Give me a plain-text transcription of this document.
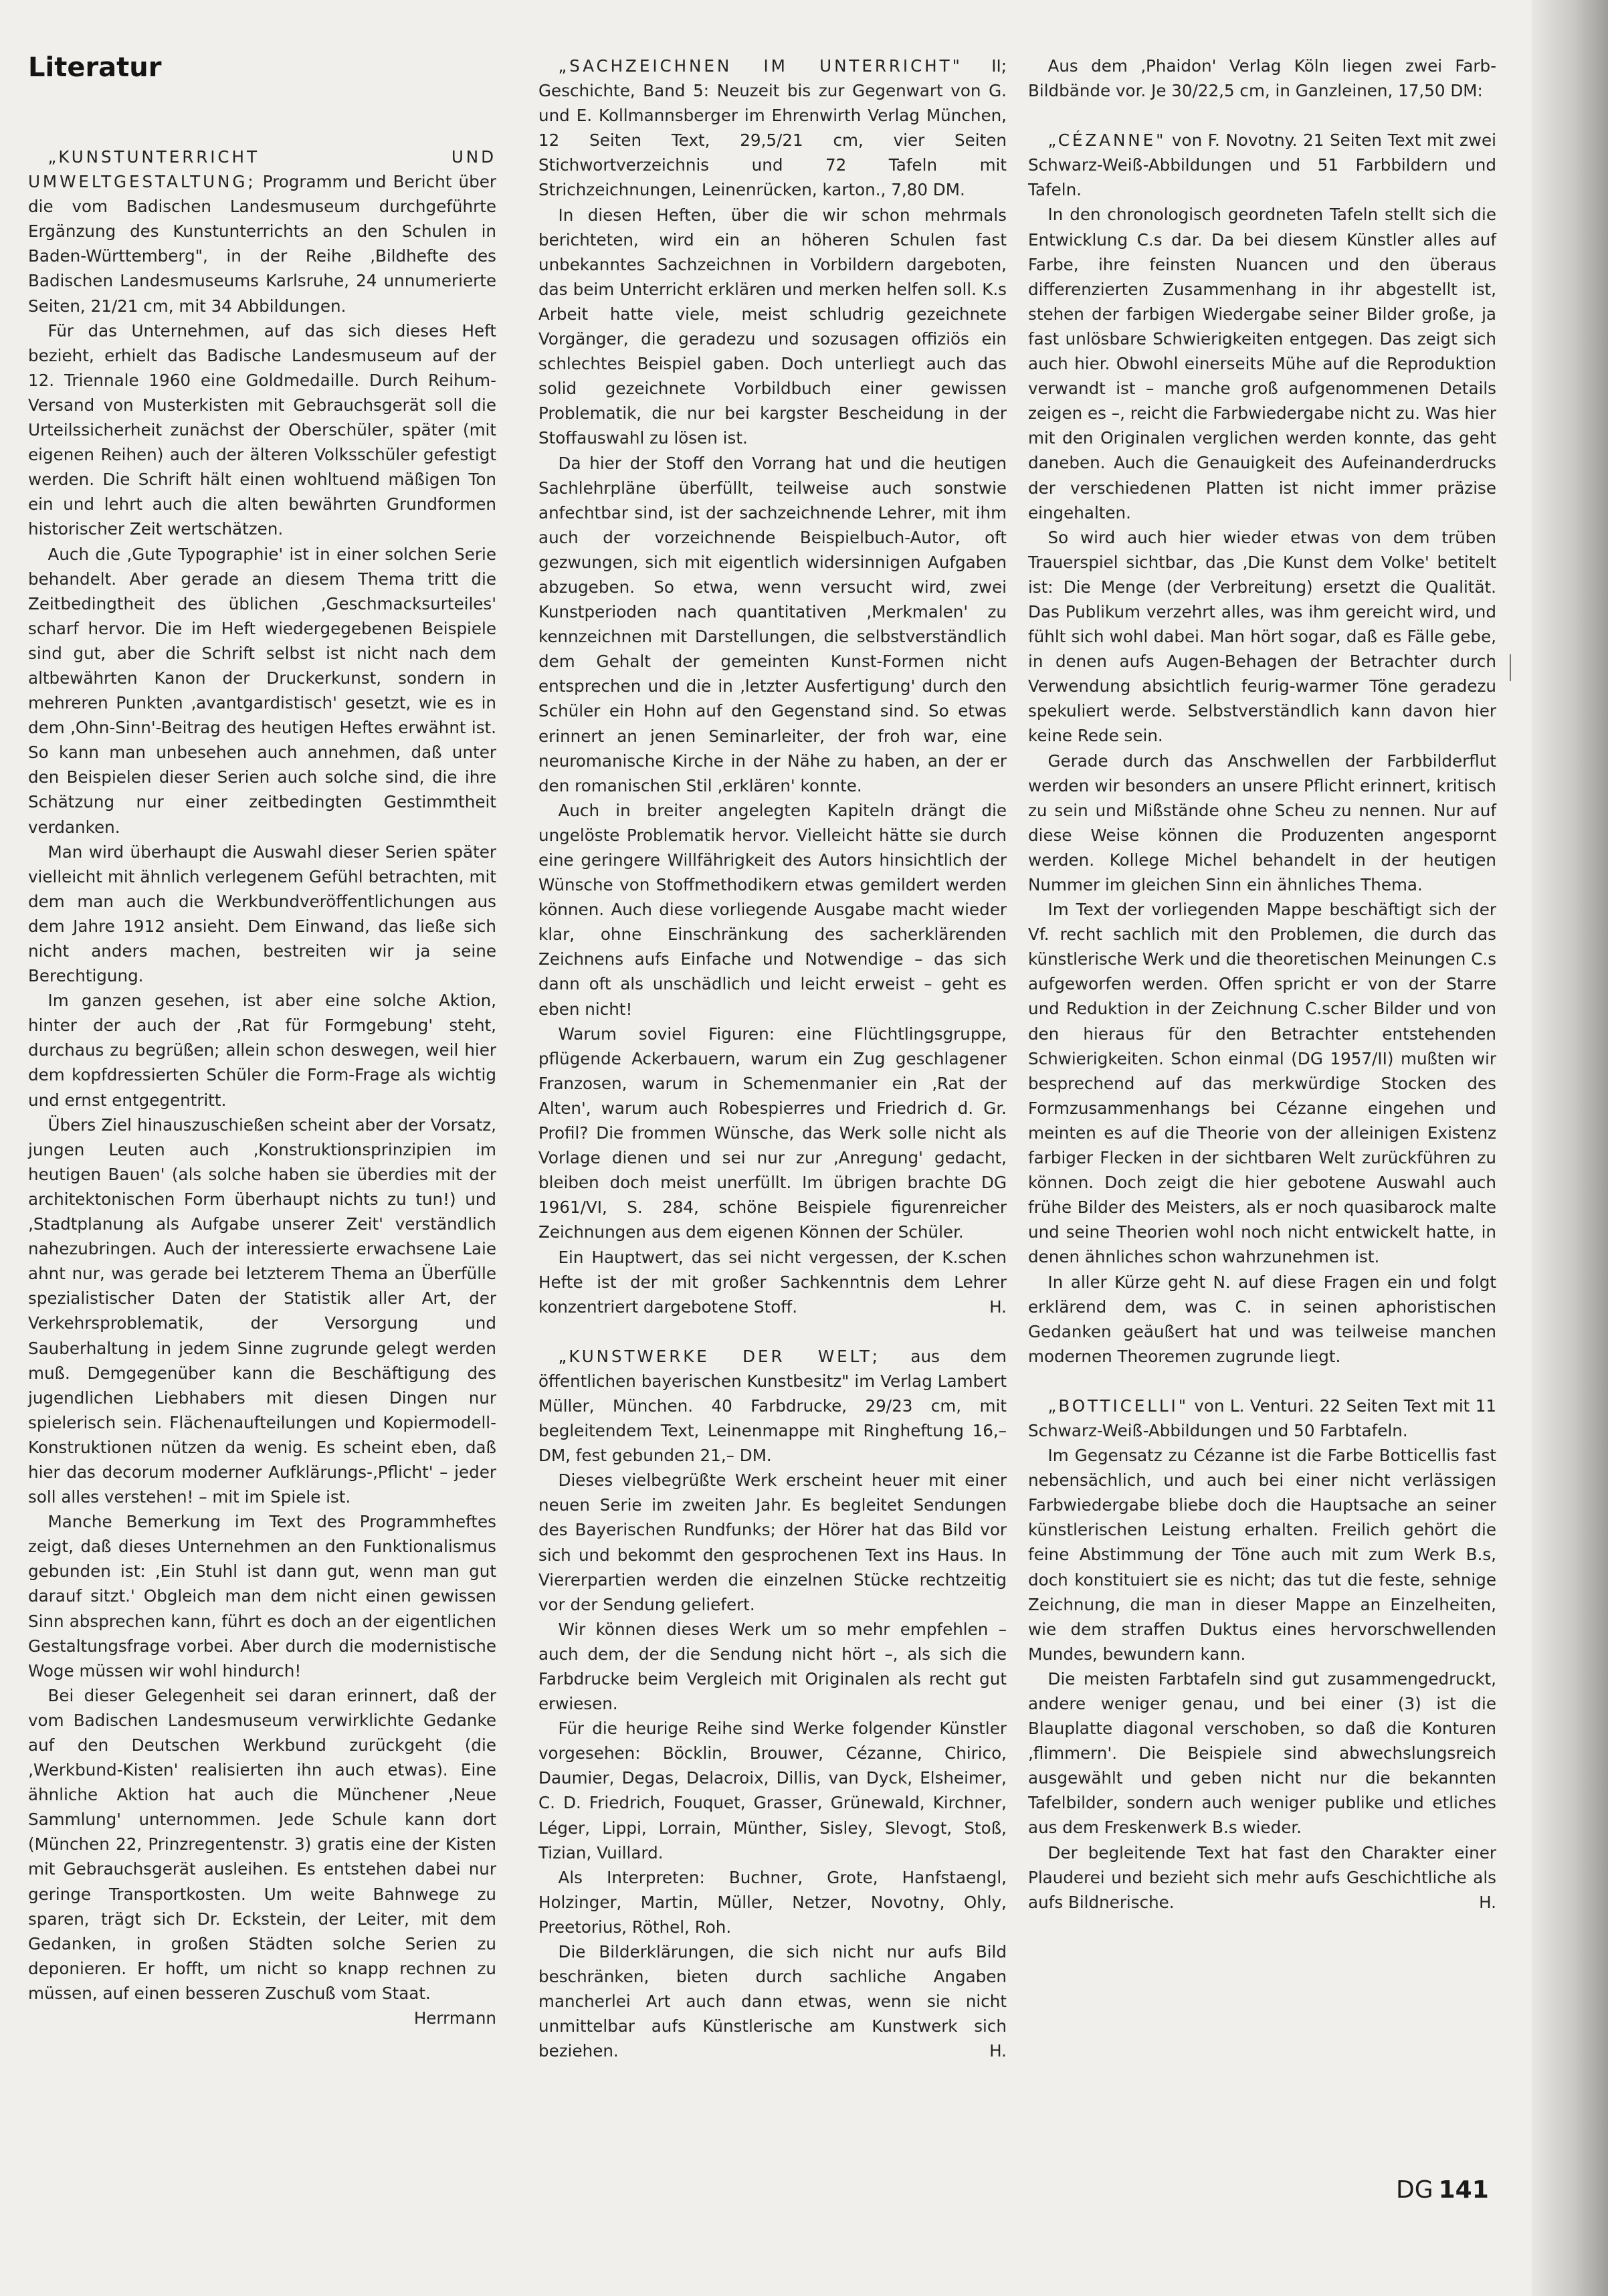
Literatur

„KUNSTUNTERRICHT UND UMWELTGESTALTUNG; Programm und Bericht über die vom Badischen Landesmuseum durchgeführte Ergänzung des Kunstunterrichts an den Schulen in Baden-Württemberg", in der Reihe ‚Bildhefte des Badischen Landesmuseums Karlsruhe, 24 unnumerierte Seiten, 21/21 cm, mit 34 Abbildungen.

Für das Unternehmen, auf das sich dieses Heft bezieht, erhielt das Badische Landesmuseum auf der 12. Triennale 1960 eine Goldmedaille. Durch Reihum-Versand von Musterkisten mit Gebrauchsgerät soll die Urteilssicherheit zunächst der Oberschüler, später (mit eigenen Reihen) auch der älteren Volksschüler gefestigt werden. Die Schrift hält einen wohltuend mäßigen Ton ein und lehrt auch die alten bewährten Grundformen historischer Zeit wertschätzen.

Auch die ‚Gute Typographie' ist in einer solchen Serie behandelt. Aber gerade an diesem Thema tritt die Zeitbedingtheit des üblichen ‚Geschmacksurteiles' scharf hervor. Die im Heft wiedergegebenen Beispiele sind gut, aber die Schrift selbst ist nicht nach dem altbewährten Kanon der Druckerkunst, sondern in mehreren Punkten ‚avantgardistisch' gesetzt, wie es in dem ‚Ohn-Sinn'-Beitrag des heutigen Heftes erwähnt ist. So kann man unbesehen auch annehmen, daß unter den Beispielen dieser Serien auch solche sind, die ihre Schätzung nur einer zeitbedingten Gestimmtheit verdanken.

Man wird überhaupt die Auswahl dieser Serien später vielleicht mit ähnlich verlegenem Gefühl betrachten, mit dem man auch die Werkbundveröffentlichungen aus dem Jahre 1912 ansieht. Dem Einwand, das ließe sich nicht anders machen, bestreiten wir ja seine Berechtigung.

Im ganzen gesehen, ist aber eine solche Aktion, hinter der auch der ‚Rat für Formgebung' steht, durchaus zu begrüßen; allein schon deswegen, weil hier dem kopfdressierten Schüler die Form-Frage als wichtig und ernst entgegentritt.

Übers Ziel hinauszuschießen scheint aber der Vorsatz, jungen Leuten auch ‚Konstruktionsprinzipien im heutigen Bauen' (als solche haben sie überdies mit der architektonischen Form überhaupt nichts zu tun!) und ‚Stadtplanung als Aufgabe unserer Zeit' verständlich nahezubringen. Auch der interessierte erwachsene Laie ahnt nur, was gerade bei letzterem Thema an Überfülle spezialistischer Daten der Statistik aller Art, der Verkehrsproblematik, der Versorgung und Sauberhaltung in jedem Sinne zugrunde gelegt werden muß. Demgegenüber kann die Beschäftigung des jugendlichen Liebhabers mit diesen Dingen nur spielerisch sein. Flächenaufteilungen und Kopiermodell-Konstruktionen nützen da wenig. Es scheint eben, daß hier das decorum moderner Aufklärungs-‚Pflicht' – jeder soll alles verstehen! – mit im Spiele ist.

Manche Bemerkung im Text des Programmheftes zeigt, daß dieses Unternehmen an den Funktionalismus gebunden ist: ‚Ein Stuhl ist dann gut, wenn man gut darauf sitzt.' Obgleich man dem nicht einen gewissen Sinn absprechen kann, führt es doch an der eigentlichen Gestaltungsfrage vorbei. Aber durch die modernistische Woge müssen wir wohl hindurch!

Bei dieser Gelegenheit sei daran erinnert, daß der vom Badischen Landesmuseum verwirklichte Gedanke auf den Deutschen Werkbund zurückgeht (die ‚Werkbund-Kisten' realisierten ihn auch etwas). Eine ähnliche Aktion hat auch die Münchener ‚Neue Sammlung' unternommen. Jede Schule kann dort (München 22, Prinzregentenstr. 3) gratis eine der Kisten mit Gebrauchsgerät ausleihen. Es entstehen dabei nur geringe Transportkosten. Um weite Bahnwege zu sparen, trägt sich Dr. Eckstein, der Leiter, mit dem Gedanken, in großen Städten solche Serien zu deponieren. Er hofft, um nicht so knapp rechnen zu müssen, auf einen besseren Zuschuß vom Staat.
Herrmann

„SACHZEICHNEN IM UNTERRICHT" II; Geschichte, Band 5: Neuzeit bis zur Gegenwart von G. und E. Kollmannsberger im Ehrenwirth Verlag München, 12 Seiten Text, 29,5/21 cm, vier Seiten Stichwortverzeichnis und 72 Tafeln mit Strichzeichnungen, Leinenrücken, karton., 7,80 DM.

In diesen Heften, über die wir schon mehrmals berichteten, wird ein an höheren Schulen fast unbekanntes Sachzeichnen in Vorbildern dargeboten, das beim Unterricht erklären und merken helfen soll. K.s Arbeit hatte viele, meist schludrig gezeichnete Vorgänger, die geradezu und sozusagen offiziös ein schlechtes Beispiel gaben. Doch unterliegt auch das solid gezeichnete Vorbildbuch einer gewissen Problematik, die nur bei kargster Bescheidung in der Stoffauswahl zu lösen ist.

Da hier der Stoff den Vorrang hat und die heutigen Sachlehrpläne überfüllt, teilweise auch sonstwie anfechtbar sind, ist der sachzeichnende Lehrer, mit ihm auch der vorzeichnende Beispielbuch-Autor, oft gezwungen, sich mit eigentlich widersinnigen Aufgaben abzugeben. So etwa, wenn versucht wird, zwei Kunstperioden nach quantitativen ‚Merkmalen' zu kennzeichnen mit Darstellungen, die selbstverständlich dem Gehalt der gemeinten Kunst-Formen nicht entsprechen und die in ‚letzter Ausfertigung' durch den Schüler ein Hohn auf den Gegenstand sind. So etwas erinnert an jenen Seminarleiter, der froh war, eine neuromanische Kirche in der Nähe zu haben, an der er den romanischen Stil ‚erklären' konnte.

Auch in breiter angelegten Kapiteln drängt die ungelöste Problematik hervor. Vielleicht hätte sie durch eine geringere Willfährigkeit des Autors hinsichtlich der Wünsche von Stoffmethodikern etwas gemildert werden können. Auch diese vorliegende Ausgabe macht wieder klar, ohne Einschränkung des sacherklärenden Zeichnens aufs Einfache und Notwendige – das sich dann oft als unschädlich und leicht erweist – geht es eben nicht!

Warum soviel Figuren: eine Flüchtlingsgruppe, pflügende Ackerbauern, warum ein Zug geschlagener Franzosen, warum in Schemenmanier ein ‚Rat der Alten', warum auch Robespierres und Friedrich d. Gr. Profil? Die frommen Wünsche, das Werk solle nicht als Vorlage dienen und sei nur zur ‚Anregung' gedacht, bleiben doch meist unerfüllt. Im übrigen brachte DG 1961/VI, S. 284, schöne Beispiele figurenreicher Zeichnungen aus dem eigenen Können der Schüler.

Ein Hauptwert, das sei nicht vergessen, der K.schen Hefte ist der mit großer Sachkenntnis dem Lehrer konzentriert dargebotene Stoff.	H.

„KUNSTWERKE DER WELT; aus dem öffentlichen bayerischen Kunstbesitz" im Verlag Lambert Müller, München. 40 Farbdrucke, 29/23 cm, mit begleitendem Text, Leinenmappe mit Ringheftung 16,– DM, fest gebunden 21,– DM.

Dieses vielbegrüßte Werk erscheint heuer mit einer neuen Serie im zweiten Jahr. Es begleitet Sendungen des Bayerischen Rundfunks; der Hörer hat das Bild vor sich und bekommt den gesprochenen Text ins Haus. In Viererpartien werden die einzelnen Stücke rechtzeitig vor der Sendung geliefert.

Wir können dieses Werk um so mehr empfehlen – auch dem, der die Sendung nicht hört –, als sich die Farbdrucke beim Vergleich mit Originalen als recht gut erwiesen.

Für die heurige Reihe sind Werke folgender Künstler vorgesehen: Böcklin, Brouwer, Cézanne, Chirico, Daumier, Degas, Delacroix, Dillis, van Dyck, Elsheimer, C. D. Friedrich, Fouquet, Grasser, Grünewald, Kirchner, Léger, Lippi, Lorrain, Münther, Sisley, Slevogt, Stoß, Tizian, Vuillard.

Als Interpreten: Buchner, Grote, Hanfstaengl, Holzinger, Martin, Müller, Netzer, Novotny, Ohly, Preetorius, Röthel, Roh.

Die Bilderklärungen, die sich nicht nur aufs Bild beschränken, bieten durch sachliche Angaben mancherlei Art auch dann etwas, wenn sie nicht unmittelbar aufs Künstlerische am Kunstwerk sich beziehen.	H.

Aus dem ‚Phaidon' Verlag Köln liegen zwei Farb-Bildbände vor. Je 30/22,5 cm, in Ganzleinen, 17,50 DM:

„CÉZANNE" von F. Novotny. 21 Seiten Text mit zwei Schwarz-Weiß-Abbildungen und 51 Farbbildern und Tafeln.

In den chronologisch geordneten Tafeln stellt sich die Entwicklung C.s dar. Da bei diesem Künstler alles auf Farbe, ihre feinsten Nuancen und den überaus differenzierten Zusammenhang in ihr abgestellt ist, stehen der farbigen Wiedergabe seiner Bilder große, ja fast unlösbare Schwierigkeiten entgegen. Das zeigt sich auch hier. Obwohl einerseits Mühe auf die Reproduktion verwandt ist – manche groß aufgenommenen Details zeigen es –, reicht die Farbwiedergabe nicht zu. Was hier mit den Originalen verglichen werden konnte, das geht daneben. Auch die Genauigkeit des Aufeinanderdrucks der verschiedenen Platten ist nicht immer präzise eingehalten.

So wird auch hier wieder etwas von dem trüben Trauerspiel sichtbar, das ‚Die Kunst dem Volke' betitelt ist: Die Menge (der Verbreitung) ersetzt die Qualität. Das Publikum verzehrt alles, was ihm gereicht wird, und fühlt sich wohl dabei. Man hört sogar, daß es Fälle gebe, in denen aufs Augen-Behagen der Betrachter durch Verwendung absichtlich feurig-warmer Töne geradezu spekuliert werde. Selbstverständlich kann davon hier keine Rede sein.

Gerade durch das Anschwellen der Farbbilderflut werden wir besonders an unsere Pflicht erinnert, kritisch zu sein und Mißstände ohne Scheu zu nennen. Nur auf diese Weise können die Produzenten angespornt werden. Kollege Michel behandelt in der heutigen Nummer im gleichen Sinn ein ähnliches Thema.

Im Text der vorliegenden Mappe beschäftigt sich der Vf. recht sachlich mit den Problemen, die durch das künstlerische Werk und die theoretischen Meinungen C.s aufgeworfen werden. Offen spricht er von der Starre und Reduktion in der Zeichnung C.scher Bilder und von den hieraus für den Betrachter entstehenden Schwierigkeiten. Schon einmal (DG 1957/II) mußten wir besprechend auf das merkwürdige Stocken des Formzusammenhangs bei Cézanne eingehen und meinten es auf die Theorie von der alleinigen Existenz farbiger Flecken in der sichtbaren Welt zurückführen zu können. Doch zeigt die hier gebotene Auswahl auch frühe Bilder des Meisters, als er noch quasibarock malte und seine Theorien wohl noch nicht entwickelt hatte, in denen ähnliches schon wahrzunehmen ist.

In aller Kürze geht N. auf diese Fragen ein und folgt erklärend dem, was C. in seinen aphoristischen Gedanken geäußert hat und was teilweise manchen modernen Theoremen zugrunde liegt.

„BOTTICELLI" von L. Venturi. 22 Seiten Text mit 11 Schwarz-Weiß-Abbildungen und 50 Farbtafeln.

Im Gegensatz zu Cézanne ist die Farbe Botticellis fast nebensächlich, und auch bei einer nicht verlässigen Farbwiedergabe bliebe doch die Hauptsache an seiner künstlerischen Leistung erhalten. Freilich gehört die feine Abstimmung der Töne auch mit zum Werk B.s, doch konstituiert sie es nicht; das tut die feste, sehnige Zeichnung, die man in dieser Mappe an Einzelheiten, wie dem straffen Duktus eines hervorschwellenden Mundes, bewundern kann.

Die meisten Farbtafeln sind gut zusammengedruckt, andere weniger genau, und bei einer (3) ist die Blauplatte diagonal verschoben, so daß die Konturen ‚flimmern'. Die Beispiele sind abwechslungsreich ausgewählt und geben nicht nur die bekannten Tafelbilder, sondern auch weniger publike und etliches aus dem Freskenwerk B.s wieder.

Der begleitende Text hat fast den Charakter einer Plauderei und bezieht sich mehr aufs Geschichtliche als aufs Bildnerische.	H.

DG 141
